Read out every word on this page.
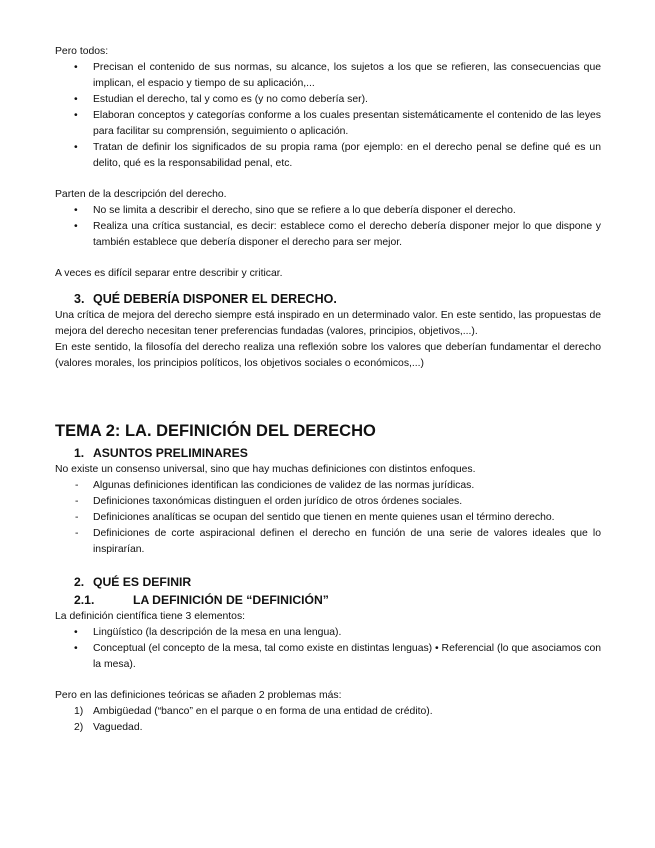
Pero todos:

• Precisan el contenido de sus normas, su alcance, los sujetos a los que se refieren, las consecuencias que implican, el espacio y tiempo de su aplicación,...
• Estudian el derecho, tal y como es (y no como debería ser).
• Elaboran conceptos y categorías conforme a los cuales presentan sistemáticamente el contenido de las leyes para facilitar su comprensión, seguimiento o aplicación.
• Tratan de definir los significados de su propia rama (por ejemplo: en el derecho penal se define qué es un delito, qué es la responsabilidad penal, etc.

Parten de la descripción del derecho.

• No se limita a describir el derecho, sino que se refiere a lo que debería disponer el derecho.
• Realiza una crítica sustancial, es decir: establece como el derecho debería disponer mejor lo que dispone y también establece que debería disponer el derecho para ser mejor.

A veces es difícil separar entre describir y criticar.

3. QUÉ DEBERÍA DISPONER EL DERECHO.

Una crítica de mejora del derecho siempre está inspirado en un determinado valor. En este sentido, las propuestas de mejora del derecho necesitan tener preferencias fundadas (valores, principios, objetivos,...).

En este sentido, la filosofía del derecho realiza una reflexión sobre los valores que deberían fundamentar el derecho (valores morales, los principios políticos, los objetivos sociales o económicos,...)

TEMA 2: LA. DEFINICIÓN DEL DERECHO
1. ASUNTOS PRELIMINARES

No existe un consenso universal, sino que hay muchas definiciones con distintos enfoques.

- Algunas definiciones identifican las condiciones de validez de las normas jurídicas.
- Definiciones taxonómicas distinguen el orden jurídico de otros órdenes sociales.
- Definiciones analíticas se ocupan del sentido que tienen en mente quienes usan el término derecho.
- Definiciones de corte aspiracional definen el derecho en función de una serie de valores ideales que lo inspirarían.
2. QUÉ ES DEFINIR
2.1.	LA DEFINICIÓN DE “DEFINICIÓN”

La definición científica tiene 3 elementos:

• Lingüístico (la descripción de la mesa en una lengua).
• Conceptual (el concepto de la mesa, tal como existe en distintas lenguas) • Referencial (lo que asociamos con la mesa).

Pero en las definiciones teóricas se añaden 2 problemas más:

1) Ambigüedad (“banco” en el parque o en forma de una entidad de crédito).
2) Vaguedad.
